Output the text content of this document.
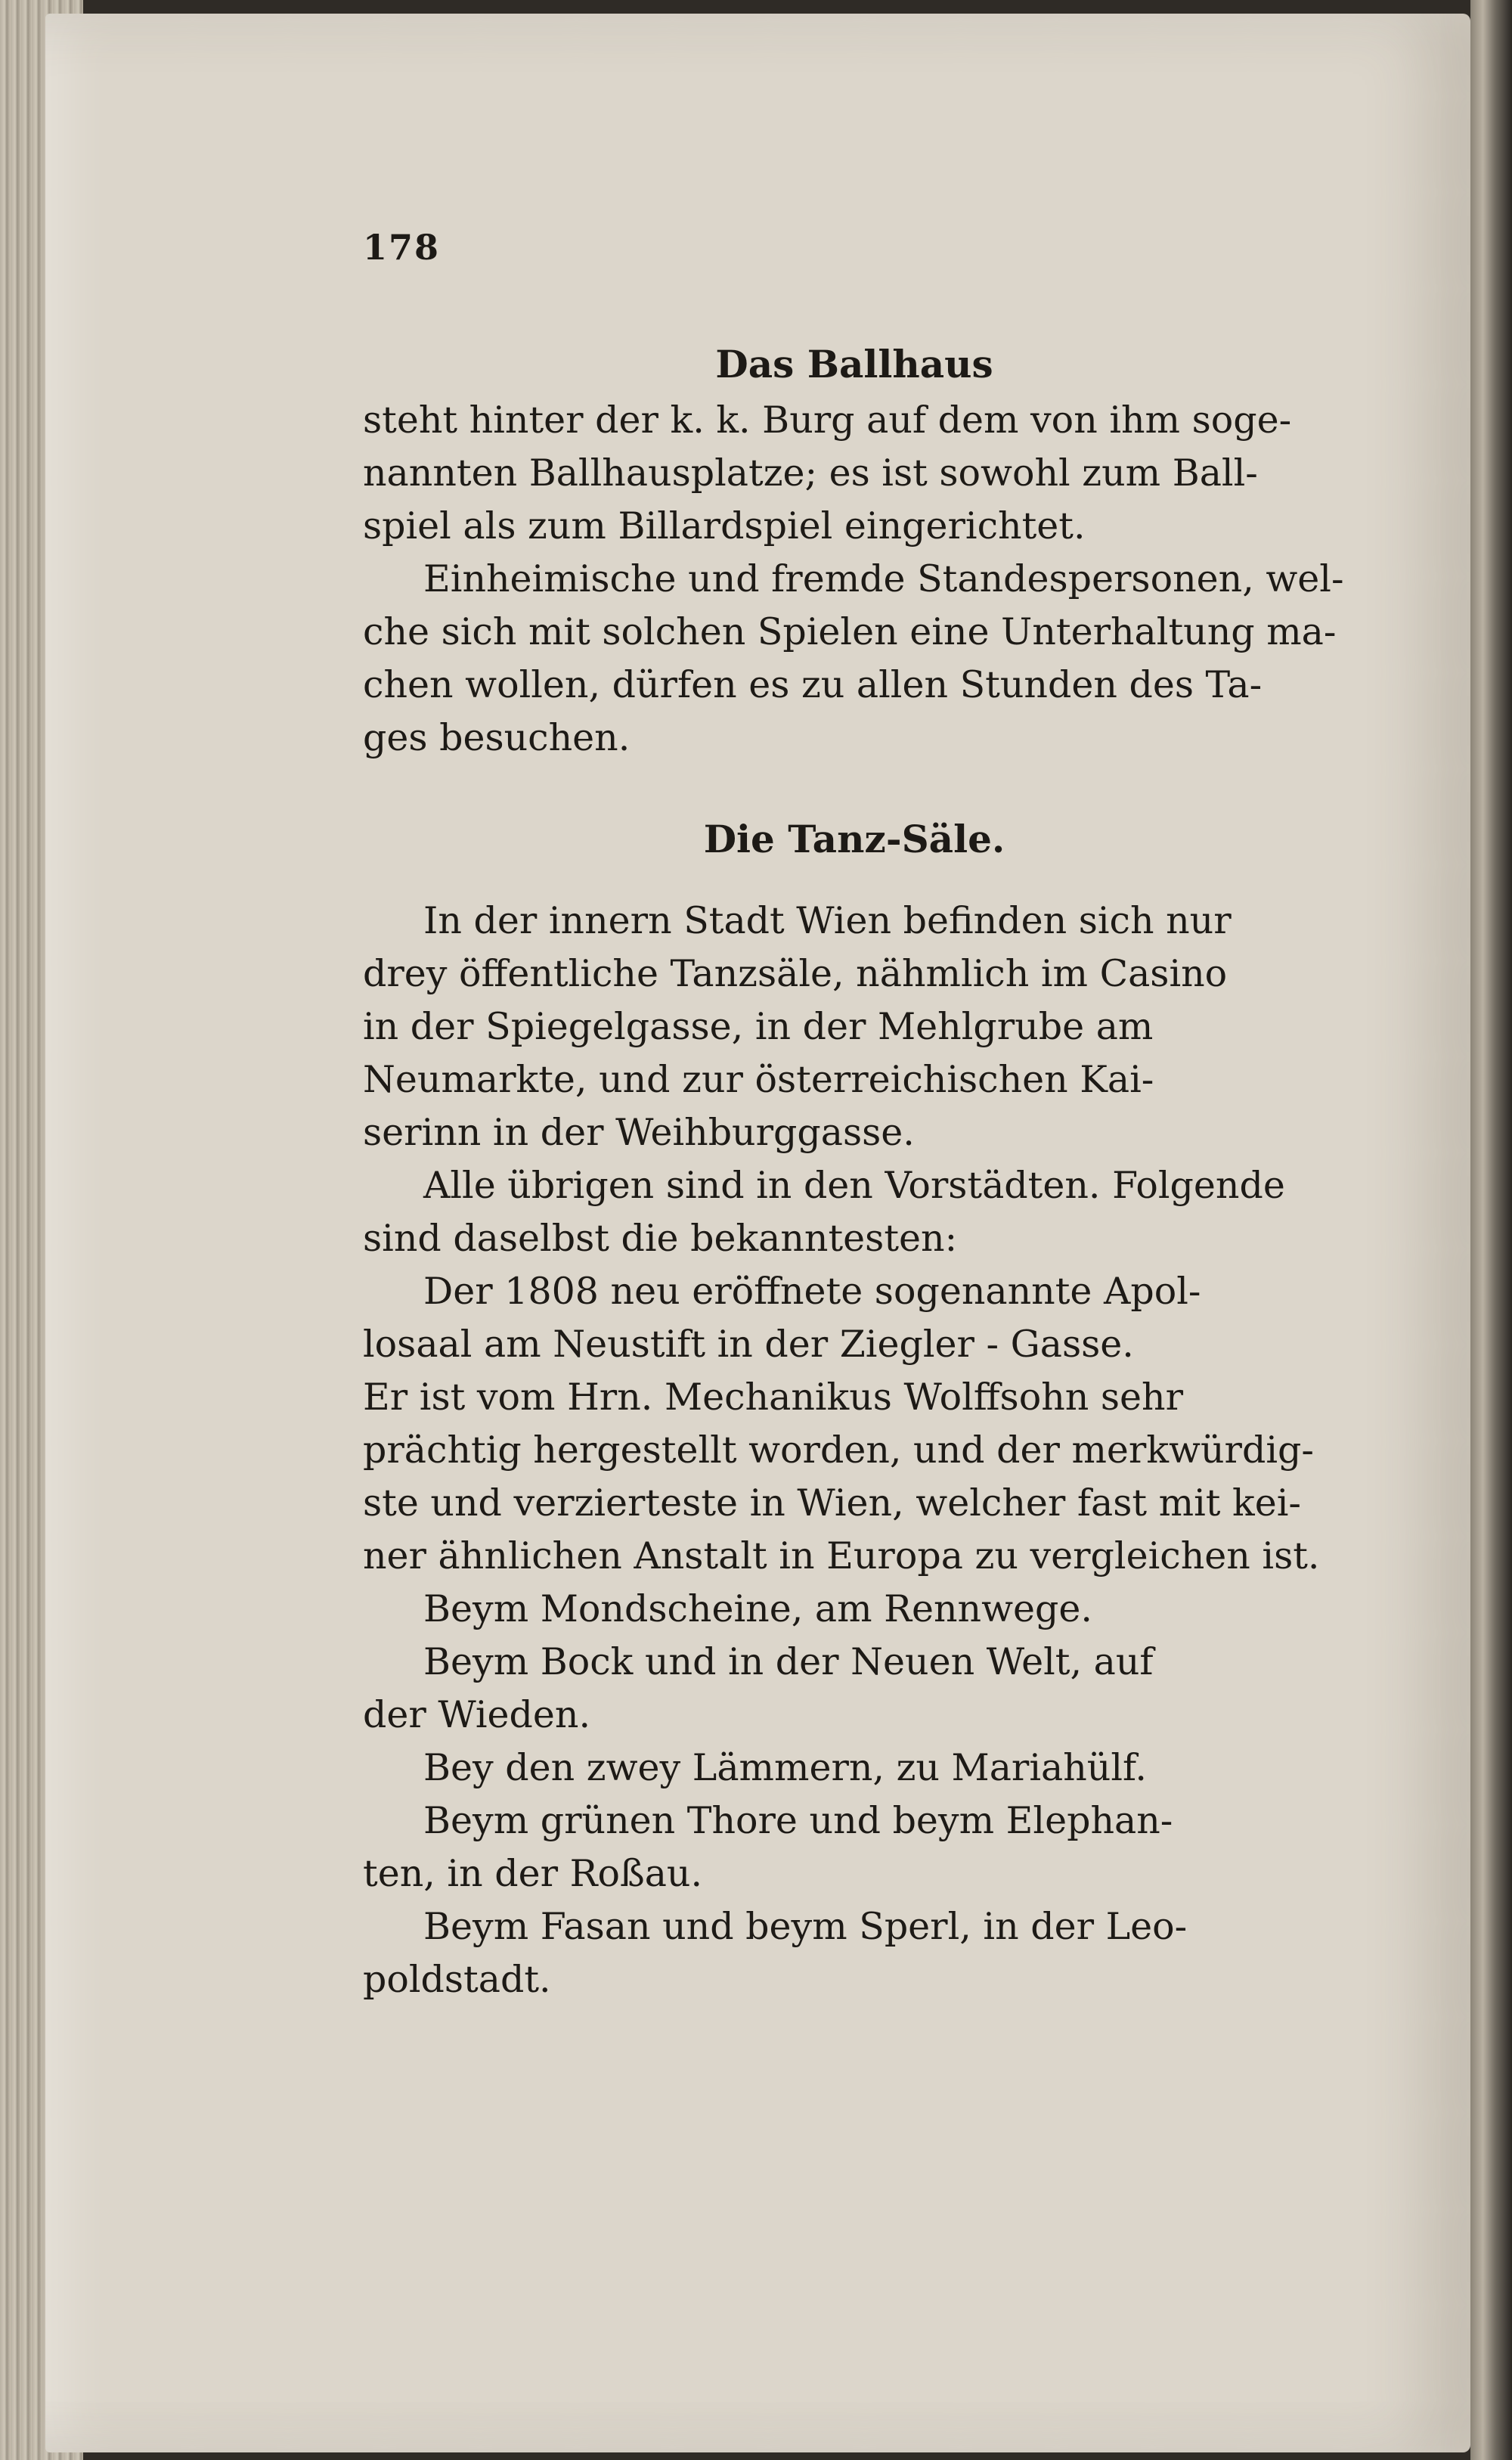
178
Das Ballhaus
steht hinter der k. k. Burg auf dem von ihm soge-
nannten Ballhausplatze; es ist sowohl zum Ball-
spiel als zum Billardspiel eingerichtet.
Einheimische und fremde Standespersonen, wel-
che sich mit solchen Spielen eine Unterhaltung ma-
chen wollen, dürfen es zu allen Stunden des Ta-
ges besuchen.
Die Tanz-Säle.
In der innern Stadt Wien befinden sich nur
drey öffentliche Tanzsäle, nähmlich im Casino
in der Spiegelgasse, in der Mehlgrube am
Neumarkte, und zur österreichischen Kai-
serinn in der Weihburggasse.
Alle übrigen sind in den Vorstädten. Folgende
sind daselbst die bekanntesten:
Der 1808 neu eröffnete sogenannte Apol-
losaal am Neustift in der Ziegler - Gasse.
Er ist vom Hrn. Mechanikus Wolffsohn sehr
prächtig hergestellt worden, und der merkwürdig-
ste und verzierteste in Wien, welcher fast mit kei-
ner ähnlichen Anstalt in Europa zu vergleichen ist.
Beym Mondscheine, am Rennwege.
Beym Bock und in der Neuen Welt, auf
der Wieden.
Bey den zwey Lämmern, zu Mariahülf.
Beym grünen Thore und beym Elephan-
ten, in der Roßau.
Beym Fasan und beym Sperl, in der Leo-
poldstadt.
